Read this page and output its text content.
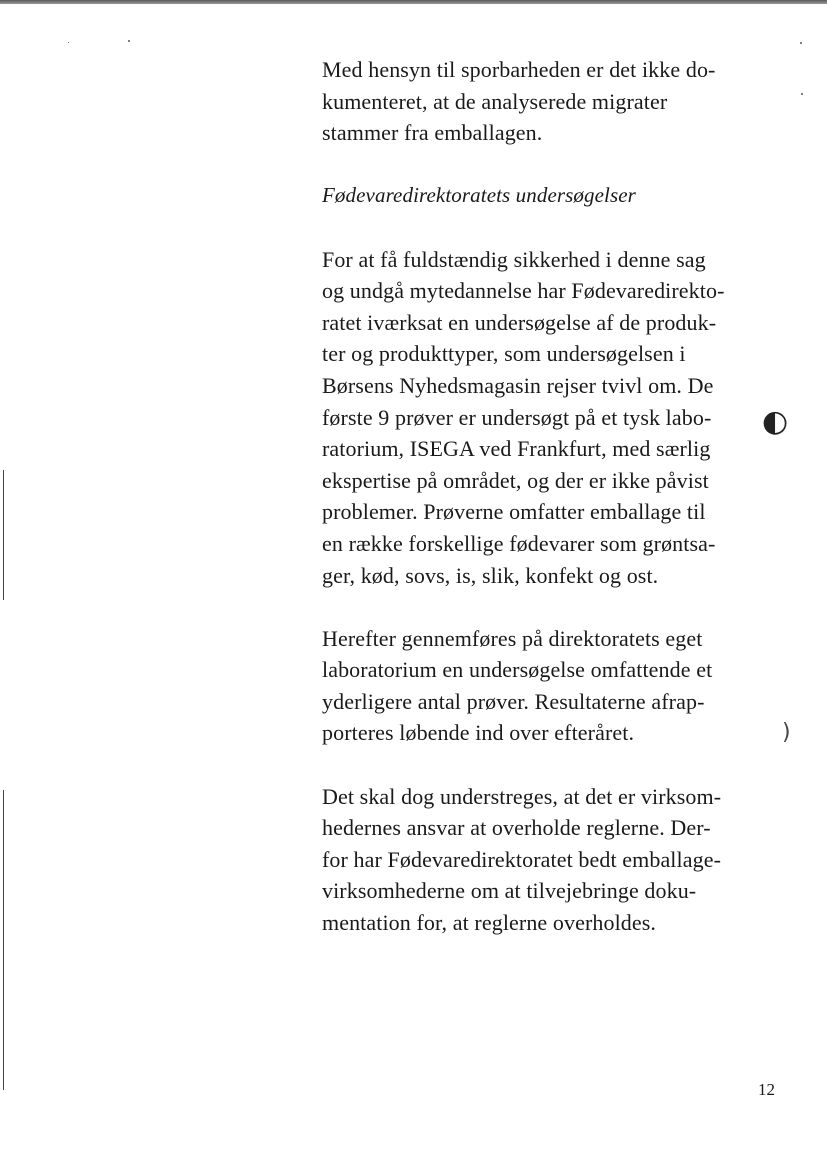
◐
)

Med hensyn til sporbarheden er det ikke do-
kumenteret, at de analyserede migrater
stammer fra emballagen.

Fødevaredirektoratets undersøgelser

For at få fuldstændig sikkerhed i denne sag
og undgå mytedannelse har Fødevaredirekto-
ratet iværksat en undersøgelse af de produk-
ter og produkttyper, som undersøgelsen i
Børsens Nyhedsmagasin rejser tvivl om. De
første 9 prøver er undersøgt på et tysk labo-
ratorium, ISEGA ved Frankfurt, med særlig
ekspertise på området, og der er ikke påvist
problemer. Prøverne omfatter emballage til
en række forskellige fødevarer som grøntsa-
ger, kød, sovs, is, slik, konfekt og ost.

Herefter gennemføres på direktoratets eget
laboratorium en undersøgelse omfattende et
yderligere antal prøver. Resultaterne afrap-
porteres løbende ind over efteråret.

Det skal dog understreges, at det er virksom-
hedernes ansvar at overholde reglerne. Der-
for har Fødevaredirektoratet bedt emballage-
virksomhederne om at tilvejebringe doku-
mentation for, at reglerne overholdes.

12
